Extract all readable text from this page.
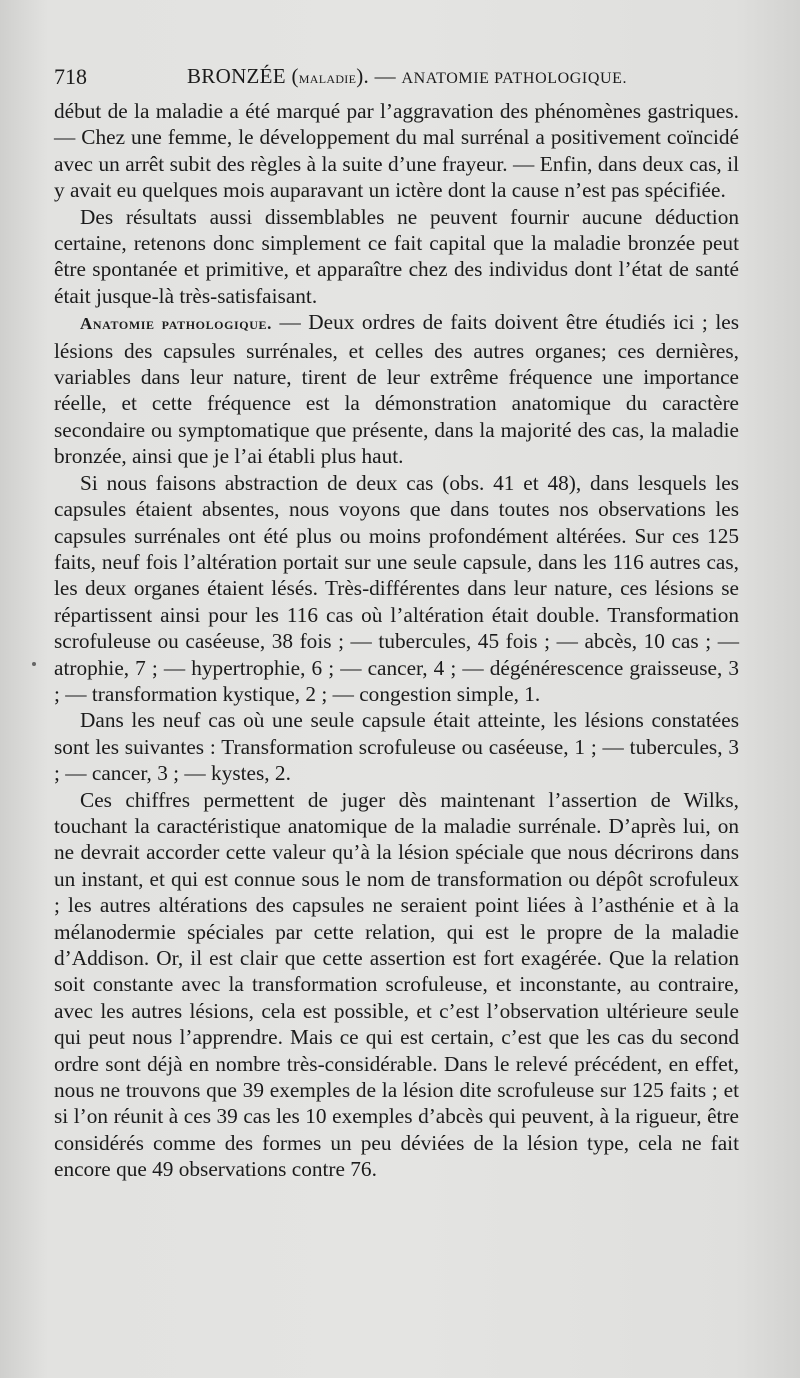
718	BRONZÉE (maladie). — ANATOMIE PATHOLOGIQUE.

début de la maladie a été marqué par l’aggravation des phénomènes gastriques. — Chez une femme, le développement du mal surrénal a positivement coïncidé avec un arrêt subit des règles à la suite d’une frayeur. — Enfin, dans deux cas, il y avait eu quelques mois auparavant un ictère dont la cause n’est pas spécifiée.

Des résultats aussi dissemblables ne peuvent fournir aucune déduction certaine, retenons donc simplement ce fait capital que la maladie bronzée peut être spontanée et primitive, et apparaître chez des individus dont l’état de santé était jusque-là très-satisfaisant.

Anatomie pathologique. — Deux ordres de faits doivent être étudiés ici ; les lésions des capsules surrénales, et celles des autres organes; ces dernières, variables dans leur nature, tirent de leur extrême fréquence une importance réelle, et cette fréquence est la démonstration anatomique du caractère secondaire ou symptomatique que présente, dans la majorité des cas, la maladie bronzée, ainsi que je l’ai établi plus haut.

Si nous faisons abstraction de deux cas (obs. 41 et 48), dans lesquels les capsules étaient absentes, nous voyons que dans toutes nos observations les capsules surrénales ont été plus ou moins profondément altérées. Sur ces 125 faits, neuf fois l’altération portait sur une seule capsule, dans les 116 autres cas, les deux organes étaient lésés. Très-différentes dans leur nature, ces lésions se répartissent ainsi pour les 116 cas où l’altération était double. Transformation scrofuleuse ou caséeuse, 38 fois ; — tubercules, 45 fois ; — abcès, 10 cas ; — atrophie, 7 ; — hypertrophie, 6 ; — cancer, 4 ; — dégénérescence graisseuse, 3 ; — transformation kystique, 2 ; — congestion simple, 1.

Dans les neuf cas où une seule capsule était atteinte, les lésions constatées sont les suivantes : Transformation scrofuleuse ou caséeuse, 1 ; — tubercules, 3 ; — cancer, 3 ; — kystes, 2.

Ces chiffres permettent de juger dès maintenant l’assertion de Wilks, touchant la caractéristique anatomique de la maladie surrénale. D’après lui, on ne devrait accorder cette valeur qu’à la lésion spéciale que nous décrirons dans un instant, et qui est connue sous le nom de transformation ou dépôt scrofuleux ; les autres altérations des capsules ne seraient point liées à l’asthénie et à la mélanodermie spéciales par cette relation, qui est le propre de la maladie d’Addison. Or, il est clair que cette assertion est fort exagérée. Que la relation soit constante avec la transformation scrofuleuse, et inconstante, au contraire, avec les autres lésions, cela est possible, et c’est l’observation ultérieure seule qui peut nous l’apprendre. Mais ce qui est certain, c’est que les cas du second ordre sont déjà en nombre très-considérable. Dans le relevé précédent, en effet, nous ne trouvons que 39 exemples de la lésion dite scrofuleuse sur 125 faits ; et si l’on réunit à ces 39 cas les 10 exemples d’abcès qui peuvent, à la rigueur, être considérés comme des formes un peu déviées de la lésion type, cela ne fait encore que 49 observations contre 76.
